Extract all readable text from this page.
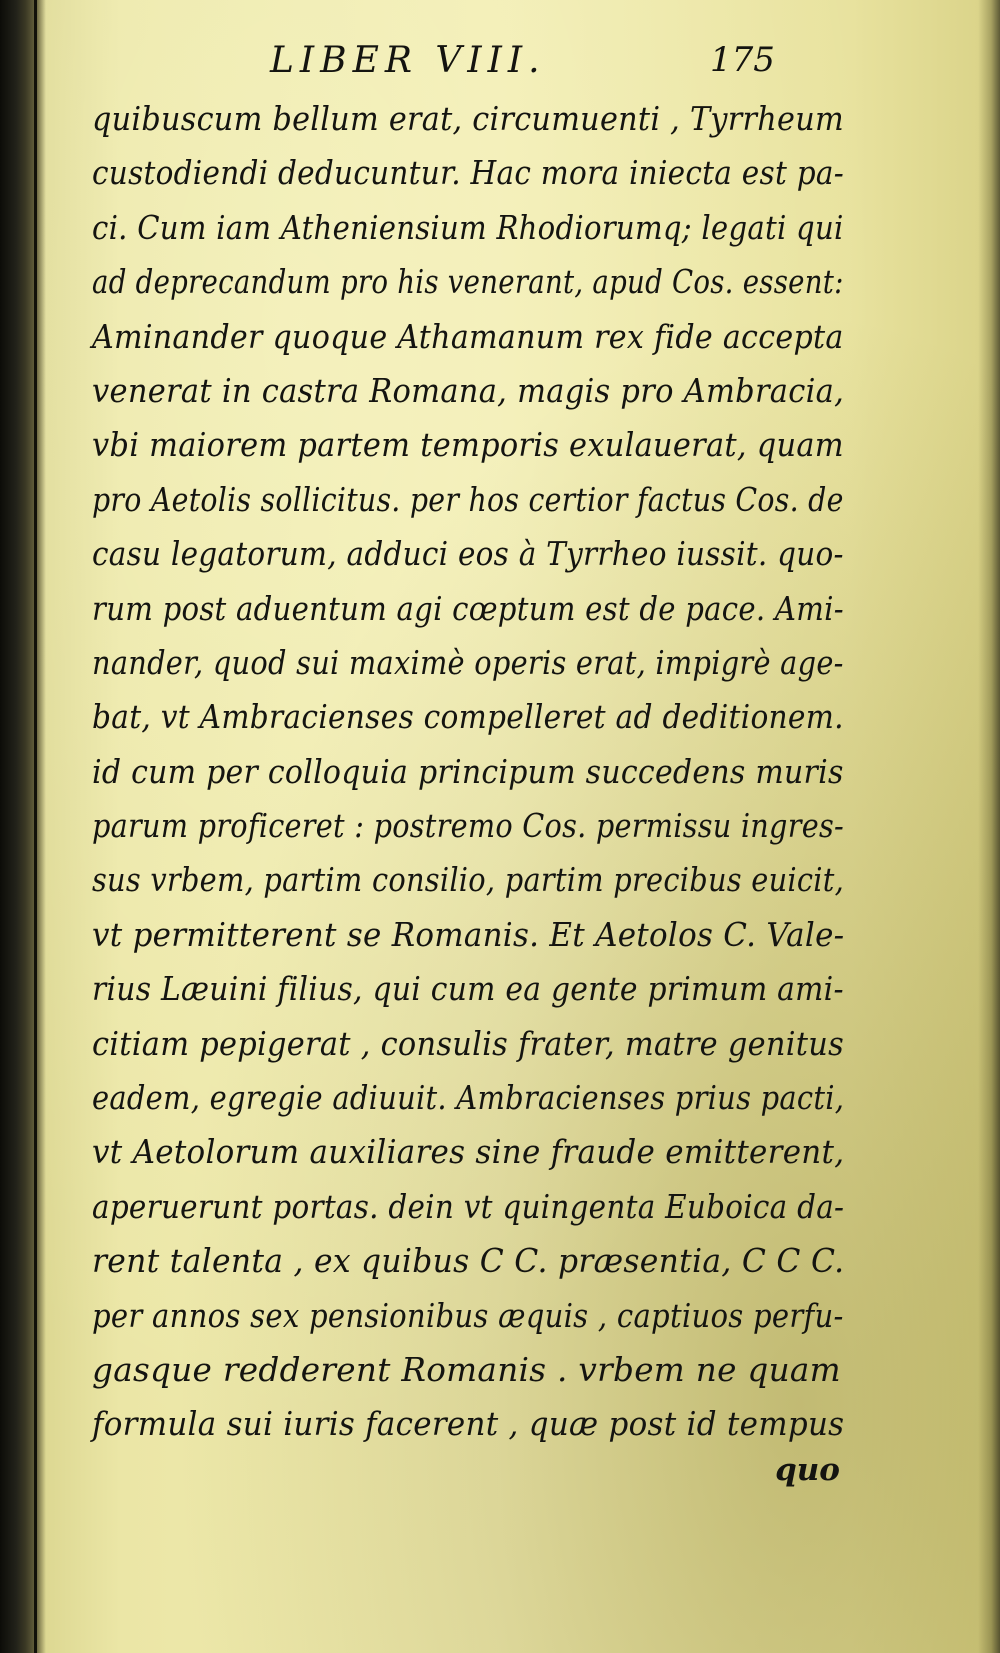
LIBER VIII.	175
quibuscum bellum erat, circumuenti , Tyrrheum
custodiendi deducuntur. Hac mora iniecta est pa-
ci. Cum iam Atheniensium Rhodiorumq; legati qui
ad deprecandum pro his venerant, apud Cos. essent:
Aminander quoque Athamanum rex fide accepta
venerat in castra Romana, magis pro Ambracia,
vbi maiorem partem temporis exulauerat, quam
pro Aetolis sollicitus. per hos certior factus Cos. de
casu legatorum, adduci eos à Tyrrheo iussit. quo-
rum post aduentum agi cœptum est de pace. Ami-
nander, quod sui maximè operis erat, impigrè age-
bat, vt Ambracienses compelleret ad deditionem.
id cum per colloquia principum succedens muris
parum proficeret : postremo Cos. permissu ingres-
sus vrbem, partim consilio, partim precibus euicit,
vt permitterent se Romanis. Et Aetolos C. Vale-
rius Læuini filius, qui cum ea gente primum ami-
citiam pepigerat , consulis frater, matre genitus
eadem, egregie adiuuit. Ambracienses prius pacti,
vt Aetolorum auxiliares sine fraude emitterent,
aperuerunt portas. dein vt quingenta Euboica da-
rent talenta , ex quibus C C. præsentia, C C C.
per annos sex pensionibus æquis , captiuos perfu-
gasque redderent Romanis . vrbem ne quam
formula sui iuris facerent , quæ post id tempus
quo
